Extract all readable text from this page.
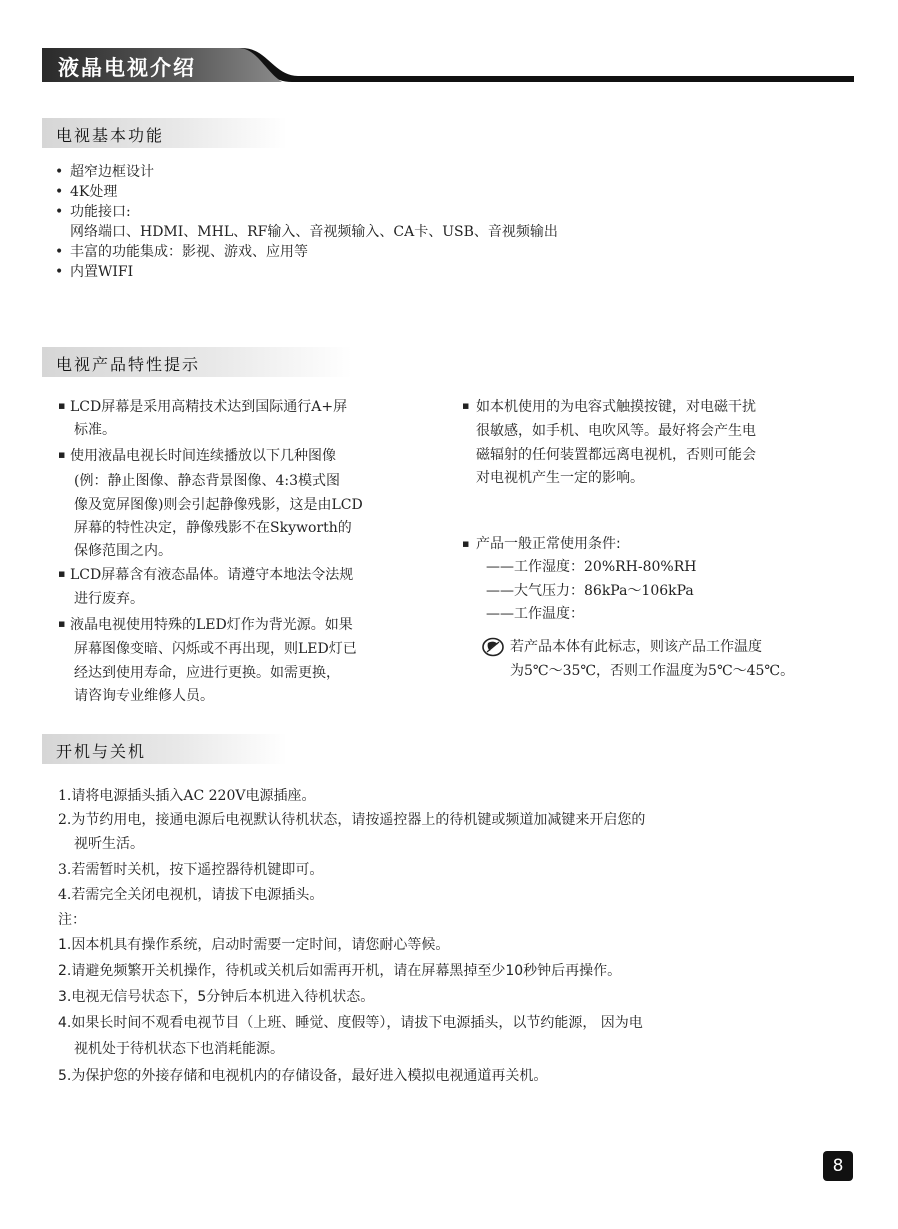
液晶电视介绍
电视基本功能
• 超窄边框设计
• 4K处理
• 功能接口:
网络端口、HDMI、MHL、RF输入、音视频输入、CA卡、USB、音视频输出
• 丰富的功能集成：影视、游戏、应用等
• 内置WIFI
电视产品特性提示
▪ LCD屏幕是采用高精技术达到国际通行A+屏
标准。
▪ 使用液晶电视长时间连续播放以下几种图像
(例：静止图像、静态背景图像、4:3模式图
像及宽屏图像)则会引起静像残影，这是由LCD
屏幕的特性决定，静像残影不在Skyworth的
保修范围之内。
▪ LCD屏幕含有液态晶体。请遵守本地法令法规
进行废弃。
▪ 液晶电视使用特殊的LED灯作为背光源。如果
屏幕图像变暗、闪烁或不再出现，则LED灯已
经达到使用寿命，应进行更换。如需更换，
请咨询专业维修人员。
▪ 如本机使用的为电容式触摸按键，对电磁干扰
很敏感，如手机、电吹风等。最好将会产生电
磁辐射的任何装置都远离电视机，否则可能会
对电视机产生一定的影响。
▪ 产品一般正常使用条件:
——工作湿度：20%RH-80%RH
——大气压力：86kPa～106kPa
——工作温度：
若产品本体有此标志，则该产品工作温度
为5℃～35℃，否则工作温度为5℃～45℃。
开机与关机
1.请将电源插头插入AC 220V电源插座。
2.为节约用电，接通电源后电视默认待机状态，请按遥控器上的待机键或频道加减键来开启您的
视听生活。
3.若需暂时关机，按下遥控器待机键即可。
4.若需完全关闭电视机，请拔下电源插头。
注：
1.因本机具有操作系统，启动时需要一定时间，请您耐心等候。
2.请避免频繁开关机操作，待机或关机后如需再开机，请在屏幕黑掉至少10秒钟后再操作。
3.电视无信号状态下，5分钟后本机进入待机状态。
4.如果长时间不观看电视节目（上班、睡觉、度假等），请拔下电源插头，以节约能源， 因为电
视机处于待机状态下也消耗能源。
5.为保护您的外接存储和电视机内的存储设备，最好进入模拟电视通道再关机。
8
